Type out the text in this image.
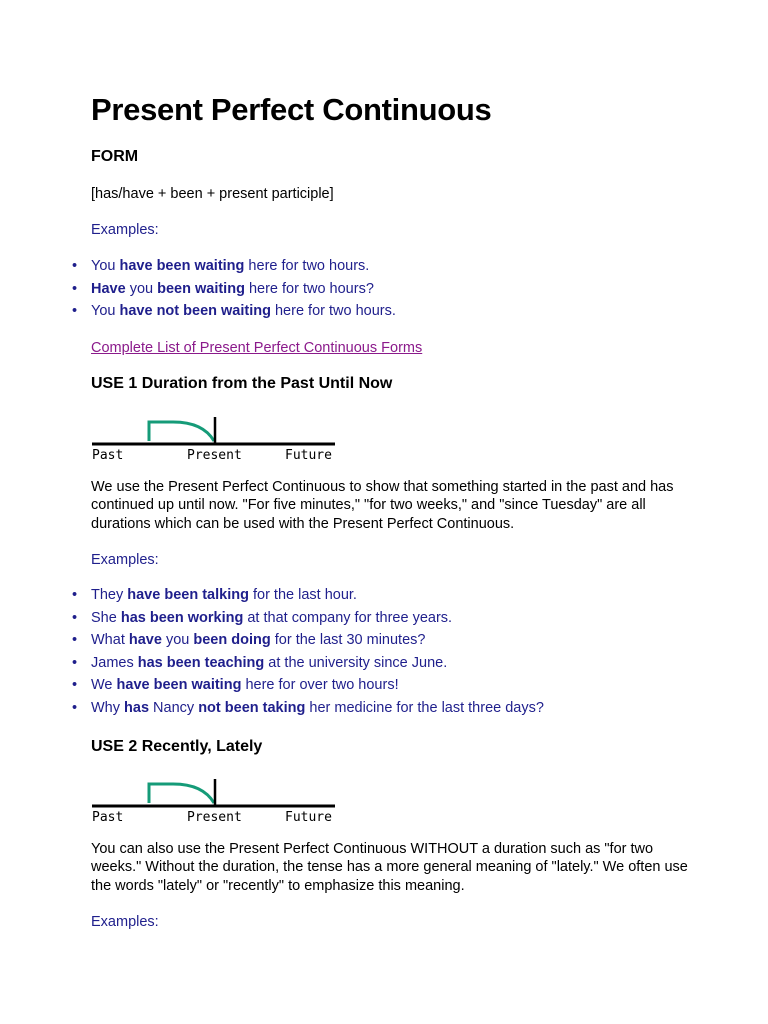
Present Perfect Continuous
FORM
[has/have + been + present participle]
Examples:
• You have been waiting here for two hours.
• Have you been waiting here for two hours?
• You have not been waiting here for two hours.
Complete List of Present Perfect Continuous Forms
USE 1 Duration from the Past Until Now
Past	Present	Future

We use the Present Perfect Continuous to show that something started in the past and has continued up until now. "For five minutes," "for two weeks," and "since Tuesday" are all durations which can be used with the Present Perfect Continuous.

Examples:
• They have been talking for the last hour.
• She has been working at that company for three years.
• What have you been doing for the last 30 minutes?
• James has been teaching at the university since June.
• We have been waiting here for over two hours!
• Why has Nancy not been taking her medicine for the last three days?
USE 2 Recently, Lately
Past	Present	Future

You can also use the Present Perfect Continuous WITHOUT a duration such as "for two weeks." Without the duration, the tense has a more general meaning of "lately." We often use the words "lately" or "recently" to emphasize this meaning.

Examples:
